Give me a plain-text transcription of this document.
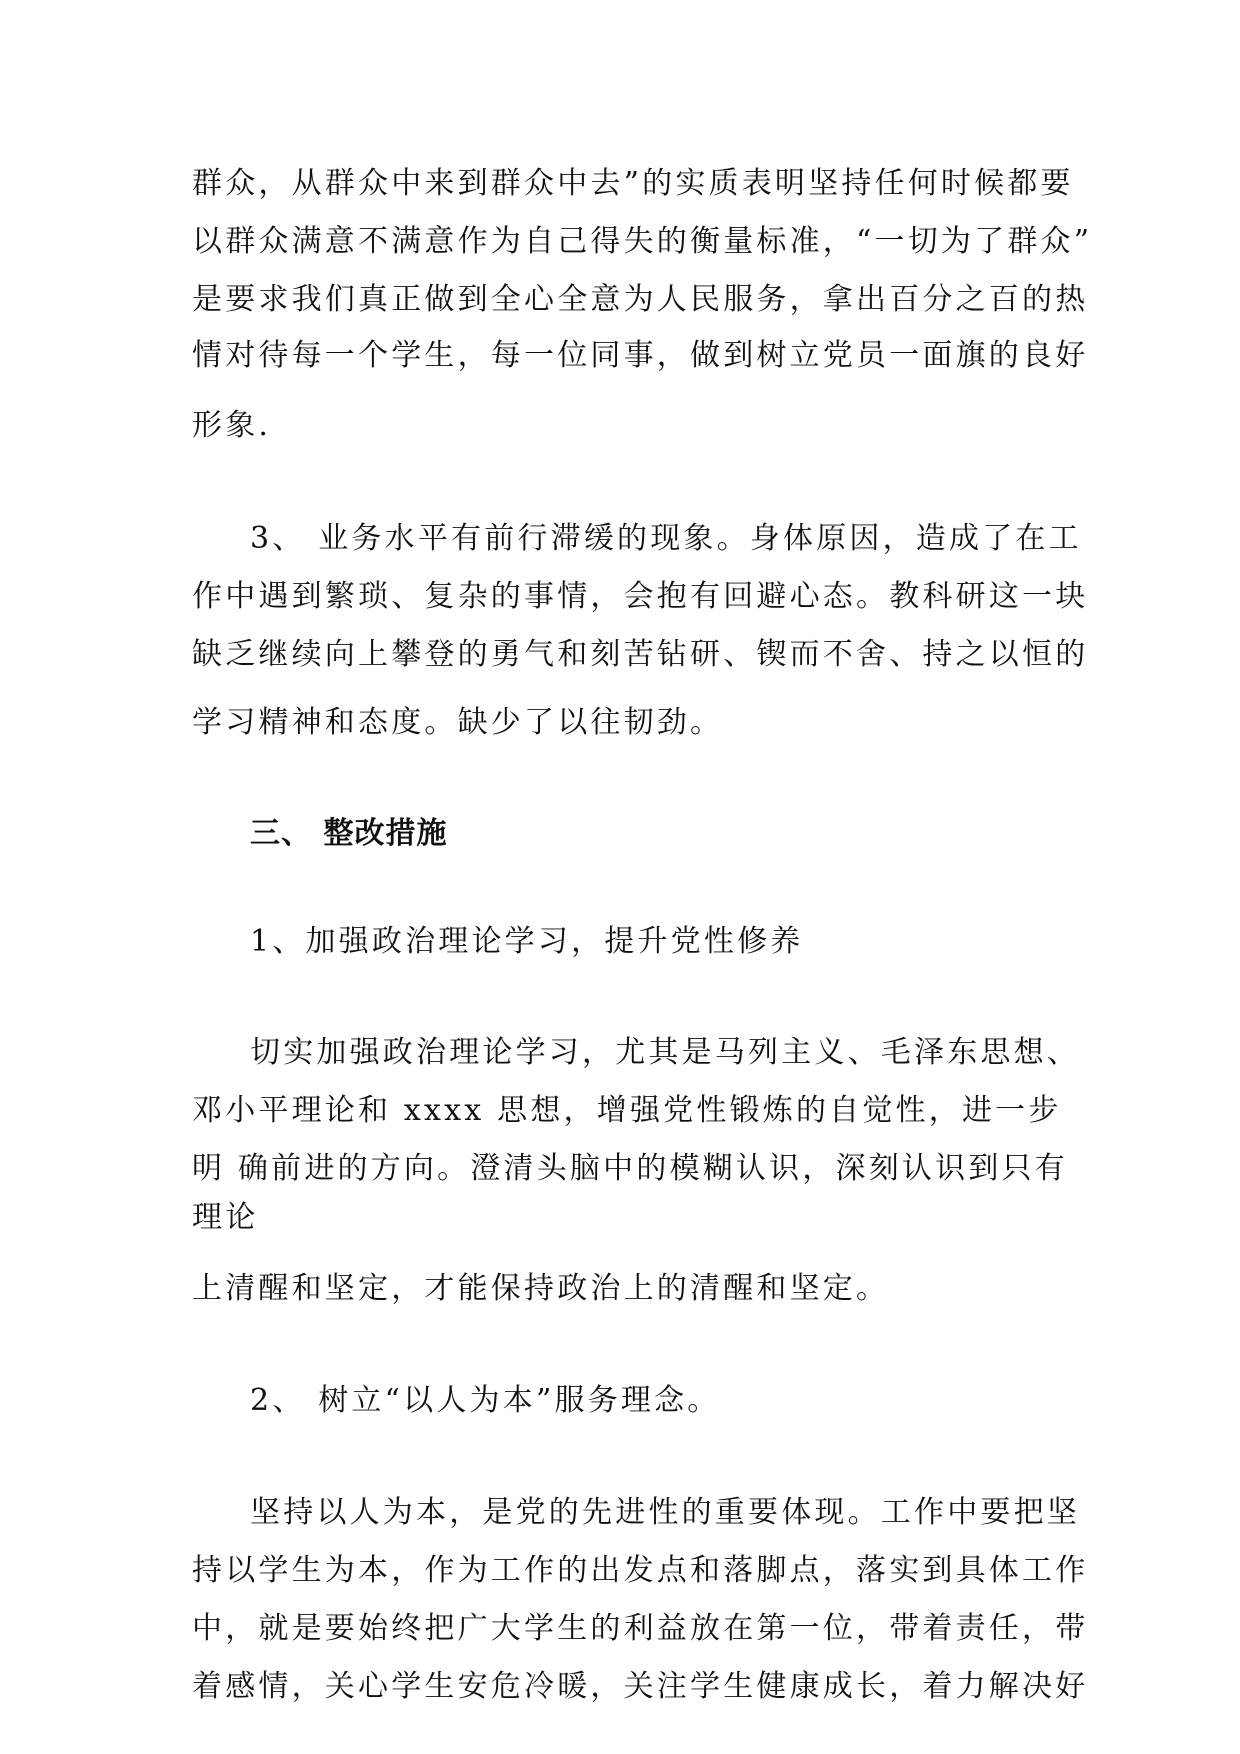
群众，从群众中来到群众中去”的实质表明坚持任何时候都要
以群众满意不满意作为自己得失的衡量标准，“一切为了群众”
是要求我们真正做到全心全意为人民服务，拿出百分之百的热
情对待每一个学生，每一位同事，做到树立党员一面旗的良好
形象.
3、 业务水平有前行滞缓的现象。身体原因，造成了在工
作中遇到繁琐、复杂的事情，会抱有回避心态。教科研这一块
缺乏继续向上攀登的勇气和刻苦钻研、锲而不舍、持之以恒的
学习精神和态度。缺少了以往韧劲。
三、 整改措施
1、加强政治理论学习，提升党性修养
切实加强政治理论学习，尤其是马列主义、毛泽东思想、
邓小平理论和 xxxx 思想，增强党性锻炼的自觉性，进一步
明 确前进的方向。澄清头脑中的模糊认识，深刻认识到只有
理论
上清醒和坚定，才能保持政治上的清醒和坚定。
2、 树立“以人为本”服务理念。
坚持以人为本，是党的先进性的重要体现。工作中要把坚
持以学生为本，作为工作的出发点和落脚点，落实到具体工作
中，就是要始终把广大学生的利益放在第一位，带着责任，带
着感情，关心学生安危冷暖，关注学生健康成长，着力解决好
